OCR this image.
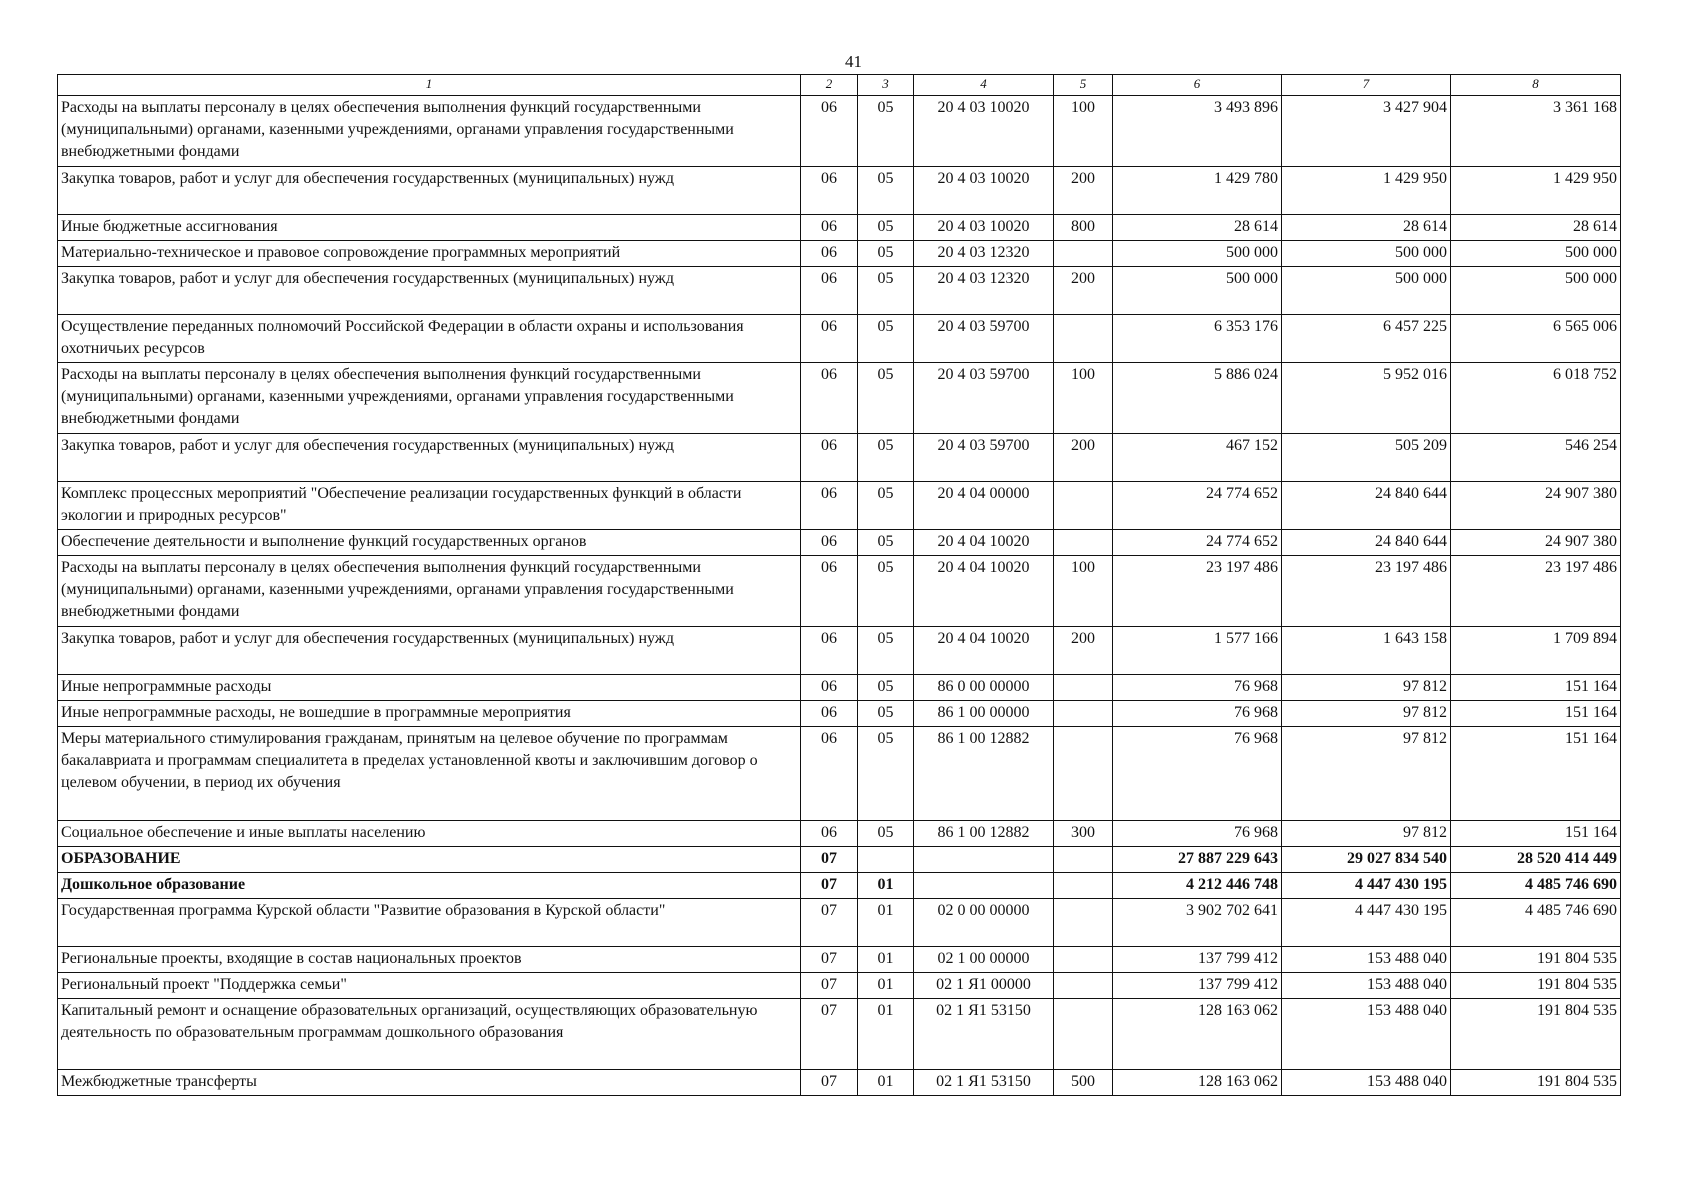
41
1	2	3	4	5	6	7	8
Расходы на выплаты персоналу в целях обеспечения выполнения функций государственными (муниципальными) органами, казенными учреждениями, органами управления государственными внебюджетными фондами	06	05	20 4 03 10020	100	3 493 896	3 427 904	3 361 168
Закупка товаров, работ и услуг для обеспечения государственных (муниципальных) нужд	06	05	20 4 03 10020	200	1 429 780	1 429 950	1 429 950
Иные бюджетные ассигнования	06	05	20 4 03 10020	800	28 614	28 614	28 614
Материально-техническое и правовое сопровождение программных мероприятий	06	05	20 4 03 12320		500 000	500 000	500 000
Закупка товаров, работ и услуг для обеспечения государственных (муниципальных) нужд	06	05	20 4 03 12320	200	500 000	500 000	500 000
Осуществление переданных полномочий Российской Федерации в области охраны и использования охотничьих ресурсов	06	05	20 4 03 59700		6 353 176	6 457 225	6 565 006
Расходы на выплаты персоналу в целях обеспечения выполнения функций государственными (муниципальными) органами, казенными учреждениями, органами управления государственными внебюджетными фондами	06	05	20 4 03 59700	100	5 886 024	5 952 016	6 018 752
Закупка товаров, работ и услуг для обеспечения государственных (муниципальных) нужд	06	05	20 4 03 59700	200	467 152	505 209	546 254
Комплекс процессных мероприятий "Обеспечение реализации государственных функций в области экологии и природных ресурсов"	06	05	20 4 04 00000		24 774 652	24 840 644	24 907 380
Обеспечение деятельности и выполнение функций государственных органов	06	05	20 4 04 10020		24 774 652	24 840 644	24 907 380
Расходы на выплаты персоналу в целях обеспечения выполнения функций государственными (муниципальными) органами, казенными учреждениями, органами управления государственными внебюджетными фондами	06	05	20 4 04 10020	100	23 197 486	23 197 486	23 197 486
Закупка товаров, работ и услуг для обеспечения государственных (муниципальных) нужд	06	05	20 4 04 10020	200	1 577 166	1 643 158	1 709 894
Иные непрограммные расходы	06	05	86 0 00 00000		76 968	97 812	151 164
Иные непрограммные расходы, не вошедшие в программные мероприятия	06	05	86 1 00 00000		76 968	97 812	151 164
Меры материального стимулирования гражданам, принятым на целевое обучение по программам бакалавриата и программам специалитета в пределах установленной квоты и заключившим договор о целевом обучении, в период их обучения	06	05	86 1 00 12882		76 968	97 812	151 164
Социальное обеспечение и иные выплаты населению	06	05	86 1 00 12882	300	76 968	97 812	151 164
ОБРАЗОВАНИЕ	07				27 887 229 643	29 027 834 540	28 520 414 449
Дошкольное образование	07	01			4 212 446 748	4 447 430 195	4 485 746 690
Государственная программа Курской области "Развитие образования в Курской области"	07	01	02 0 00 00000		3 902 702 641	4 447 430 195	4 485 746 690
Региональные проекты, входящие в состав национальных проектов	07	01	02 1 00 00000		137 799 412	153 488 040	191 804 535
Региональный проект "Поддержка семьи"	07	01	02 1 Я1 00000		137 799 412	153 488 040	191 804 535
Капитальный ремонт и оснащение образовательных организаций, осуществляющих образовательную деятельность по образовательным программам дошкольного образования	07	01	02 1 Я1 53150		128 163 062	153 488 040	191 804 535
Межбюджетные трансферты	07	01	02 1 Я1 53150	500	128 163 062	153 488 040	191 804 535
